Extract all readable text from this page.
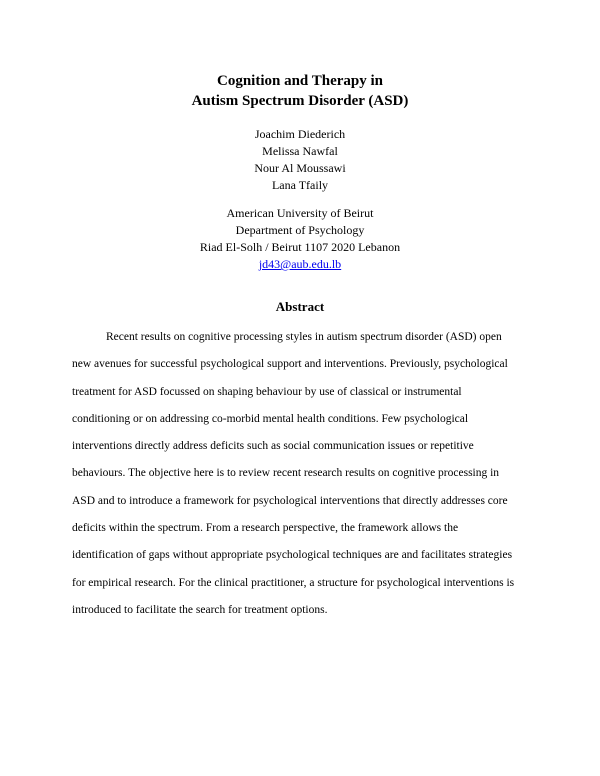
Cognition and Therapy in
Autism Spectrum Disorder (ASD)
Joachim Diederich
Melissa Nawfal
Nour Al Moussawi
Lana Tfaily
American University of Beirut
Department of Psychology
Riad El-Solh / Beirut 1107 2020 Lebanon
jd43@aub.edu.lb
Abstract
Recent results on cognitive processing styles in autism spectrum disorder (ASD) open
new avenues for successful psychological support and interventions. Previously, psychological
treatment for ASD focussed on shaping behaviour by use of classical or instrumental
conditioning or on addressing co-morbid mental health conditions. Few psychological
interventions directly address deficits such as social communication issues or repetitive
behaviours. The objective here is to review recent research results on cognitive processing in
ASD and to introduce a framework for psychological interventions that directly addresses core
deficits within the spectrum. From a research perspective, the framework allows the
identification of gaps without appropriate psychological techniques are and facilitates strategies
for empirical research. For the clinical practitioner, a structure for psychological interventions is
introduced to facilitate the search for treatment options.
